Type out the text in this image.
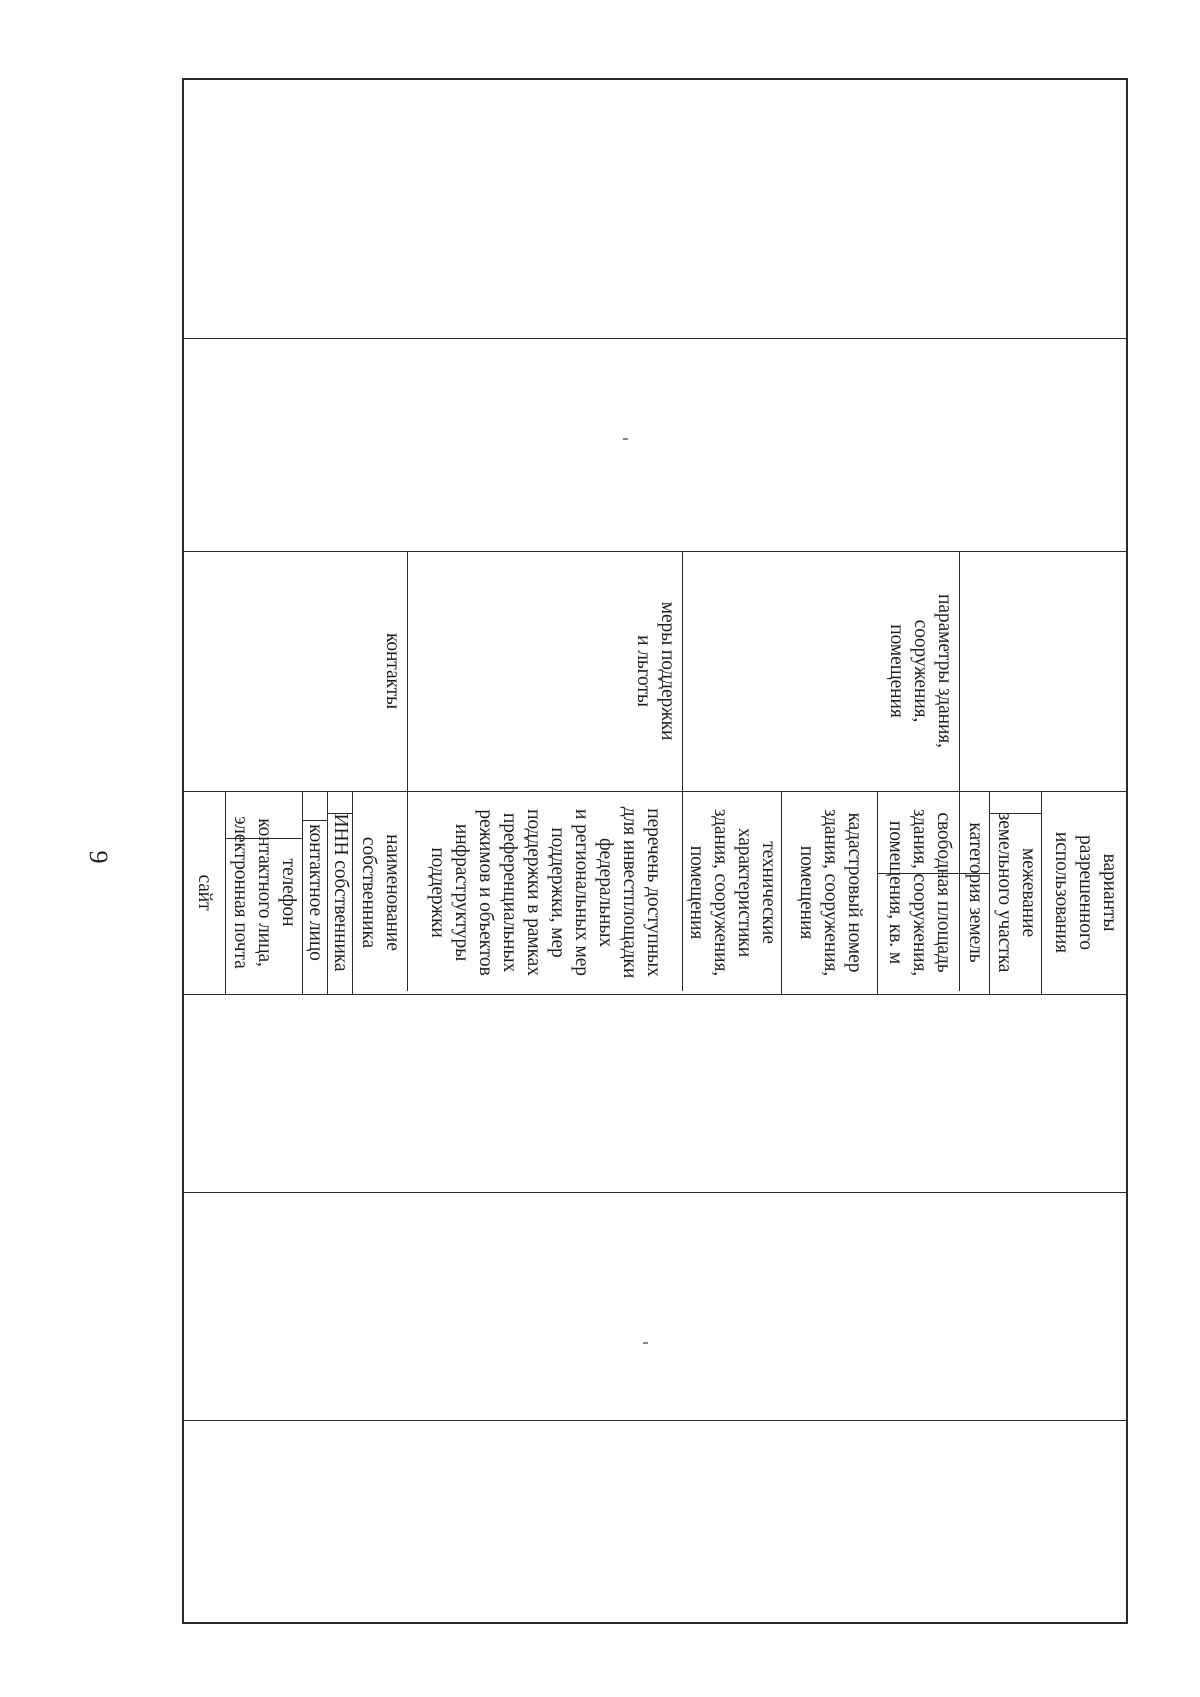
9
параметры здания,
сооружения,
помещения
меры поддержки
и льготы
контакты
варианты
разрешенного
использования
межевание
земельного участка
категория земель
свободная площадь
здания, сооружения,
помещения, кв. м
кадастровый номер
здания, сооружения,
помещения
технические
характеристики
здания, сооружения,
помещения
перечень доступных
для инвестплощадки
федеральных
и региональных мер
поддержки, мер
поддержки в рамках
преференциальных
режимов и объектов
инфраструктуры
поддержки
наименование
собственника
ИНН собственника
контактное лицо
телефон
контактного лица,
электронная почта
сайт
